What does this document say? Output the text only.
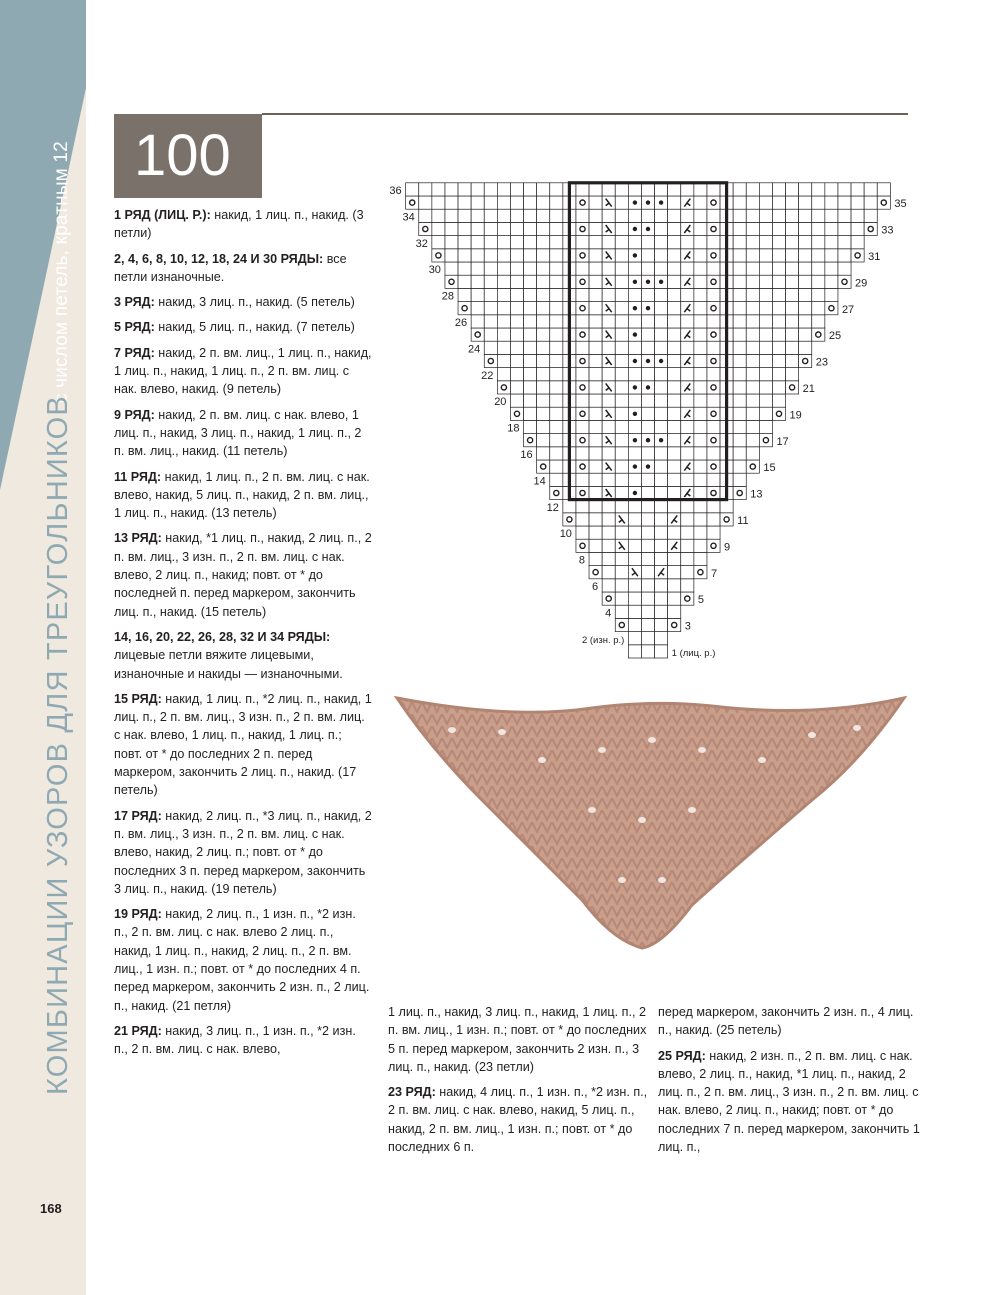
с числом петель, кратным 12
КОМБИНАЦИИ УЗОРОВ ДЛЯ ТРЕУГОЛЬНИКОВ
168
100

1 РЯД (ЛИЦ. Р.): накид, 1 лиц. п., накид. (3 петли)

2, 4, 6, 8, 10, 12, 18, 24 И 30 РЯДЫ: все петли изнаночные.

3 РЯД: накид, 3 лиц. п., накид. (5 петель)

5 РЯД: накид, 5 лиц. п., накид. (7 петель)

7 РЯД: накид, 2 п. вм. лиц., 1 лиц. п., накид, 1 лиц. п., накид, 1 лиц. п., 2 п. вм. лиц. с нак. влево, накид. (9 петель)

9 РЯД: накид, 2 п. вм. лиц. с нак. влево, 1 лиц. п., накид, 3 лиц. п., накид, 1 лиц. п., 2 п. вм. лиц., накид. (11 петель)

11 РЯД: накид, 1 лиц. п., 2 п. вм. лиц. с нак. влево, накид, 5 лиц. п., накид, 2 п. вм. лиц., 1 лиц. п., накид. (13 петель)

13 РЯД: накид, *1 лиц. п., накид, 2 лиц. п., 2 п. вм. лиц., 3 изн. п., 2 п. вм. лиц. с нак. влево, 2 лиц. п., накид; повт. от * до последней п. перед маркером, закончить лиц. п., накид. (15 петель)

14, 16, 20, 22, 26, 28, 32 И 34 РЯДЫ: лицевые петли вяжите лицевыми, изнаночные и накиды — изнаночными.

15 РЯД: накид, 1 лиц. п., *2 лиц. п., накид, 1 лиц. п., 2 п. вм. лиц., 3 изн. п., 2 п. вм. лиц. с нак. влево, 1 лиц. п., накид, 1 лиц. п.; повт. от * до последних 2 п. перед маркером, закончить 2 лиц. п., накид. (17 петель)

17 РЯД: накид, 2 лиц. п., *3 лиц. п., накид, 2 п. вм. лиц., 3 изн. п., 2 п. вм. лиц. с нак. влево, накид, 2 лиц. п.; повт. от * до последних 3 п. перед маркером, закончить 3 лиц. п., накид. (19 петель)

19 РЯД: накид, 2 лиц. п., 1 изн. п., *2 изн. п., 2 п. вм. лиц. с нак. влево 2 лиц. п., накид, 1 лиц. п., накид, 2 лиц. п., 2 п. вм. лиц., 1 изн. п.; повт. от * до последних 4 п. перед маркером, закончить 2 изн. п., 2 лиц. п., накид. (21 петля)

21 РЯД: накид, 3 лиц. п., 1 изн. п., *2 изн. п., 2 п. вм. лиц. с нак. влево,

1 лиц. п., накид, 3 лиц. п., накид, 1 лиц. п., 2 п. вм. лиц., 1 изн. п.; повт. от * до последних 5 п. перед маркером, закончить 2 изн. п., 3 лиц. п., накид. (23 петли)

23 РЯД: накид, 4 лиц. п., 1 изн. п., *2 изн. п., 2 п. вм. лиц. с нак. влево, накид, 5 лиц. п., накид, 2 п. вм. лиц., 1 изн. п.; повт. от * до последних 6 п.

перед маркером, закончить 2 изн. п., 4 лиц. п., накид. (25 петель)

25 РЯД: накид, 2 изн. п., 2 п. вм. лиц. с нак. влево, 2 лиц. п., накид, *1 лиц. п., накид, 2 лиц. п., 2 п. вм. лиц., 3 изн. п., 2 п. вм. лиц. с нак. влево, 2 лиц. п., накид; повт. от * до последних 7 п. перед маркером, закончить 1 лиц. п.,

1 (лиц. р.)
2 (изн. р.)
3
4
5
6
7
8
9
10
11
12
13
14
15
16
17
18
19
20
21
22
23
24
25
26
27
28
29
30
31
32
33
34
35
36
